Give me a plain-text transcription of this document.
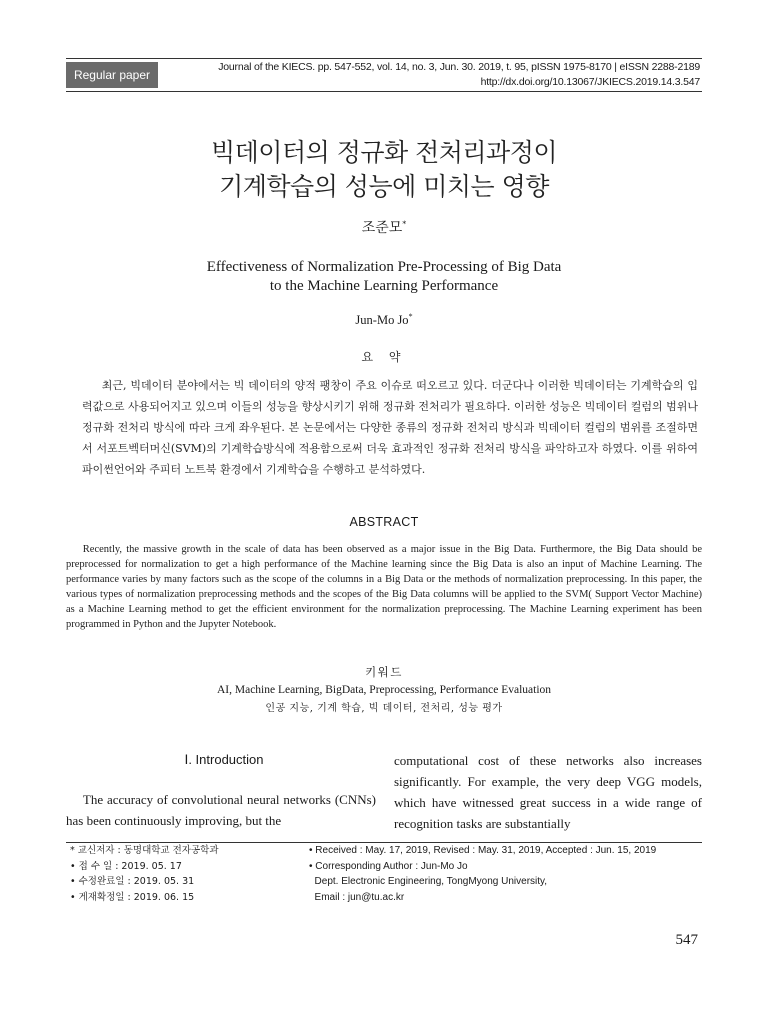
Regular paper
Journal of the KIECS. pp. 547-552, vol. 14, no. 3, Jun. 30. 2019, t. 95, pISSN 1975-8170 | eISSN 2288-2189
http://dx.doi.org/10.13067/JKIECS.2019.14.3.547
빅데이터의 정규화 전처리과정이
기계학습의 성능에 미치는 영향
조준모*
Effectiveness of Normalization Pre-Processing of Big Data
to the Machine Learning Performance
Jun-Mo Jo*
요 약
최근, 빅데이터 분야에서는 빅 데이터의 양적 팽창이 주요 이슈로 떠오르고 있다. 더군다나 이러한 빅데이터는 기계학습의 입력값으로 사용되어지고 있으며 이들의 성능을 향상시키기 위해 정규화 전처리가 필요하다. 이러한 성능은 빅데이터 컬럼의 범위나 정규화 전처리 방식에 따라 크게 좌우된다. 본 논문에서는 다양한 종류의 정규화 전처리 방식과 빅데이터 컬럼의 범위를 조절하면서 서포트벡터머신(SVM)의 기계학습방식에 적용함으로써 더욱 효과적인 정규화 전처리 방식을 파악하고자 하였다. 이를 위하여 파이썬언어와 주피터 노트북 환경에서 기계학습을 수행하고 분석하였다.
ABSTRACT
Recently, the massive growth in the scale of data has been observed as a major issue in the Big Data. Furthermore, the Big Data should be preprocessed for normalization to get a high performance of the Machine learning since the Big Data is also an input of Machine Learning. The performance varies by many factors such as the scope of the columns in a Big Data or the methods of normalization preprocessing. In this paper, the various types of normalization preprocessing methods and the scopes of the Big Data columns will be applied to the SVM( Support Vector Machine) as a Machine Learning method to get the efficient environment for the normalization preprocessing. The Machine Learning experiment has been programmed in Python and the Jupyter Notebook.
키워드
AI, Machine Learning, BigData, Preprocessing, Performance Evaluation
인공 지능, 기계 학습, 빅 데이터, 전처리, 성능 평가
Ⅰ. Introduction
The accuracy of convolutional neural networks (CNNs) has been continuously improving, but the
computational cost of these networks also increases significantly. For example, the very deep VGG models, which have witnessed great success in a wide range of recognition tasks are substantially
* 교신저자 : 동명대학교 전자공학과
• 접 수 일 : 2019. 05. 17
• 수정완료일 : 2019. 05. 31
• 게재확정일 : 2019. 06. 15
• Received : May. 17, 2019, Revised : May. 31, 2019, Accepted : Jun. 15, 2019
• Corresponding Author : Jun-Mo Jo
Dept. Electronic Engineering, TongMyong University,
Email : jun@tu.ac.kr
547
